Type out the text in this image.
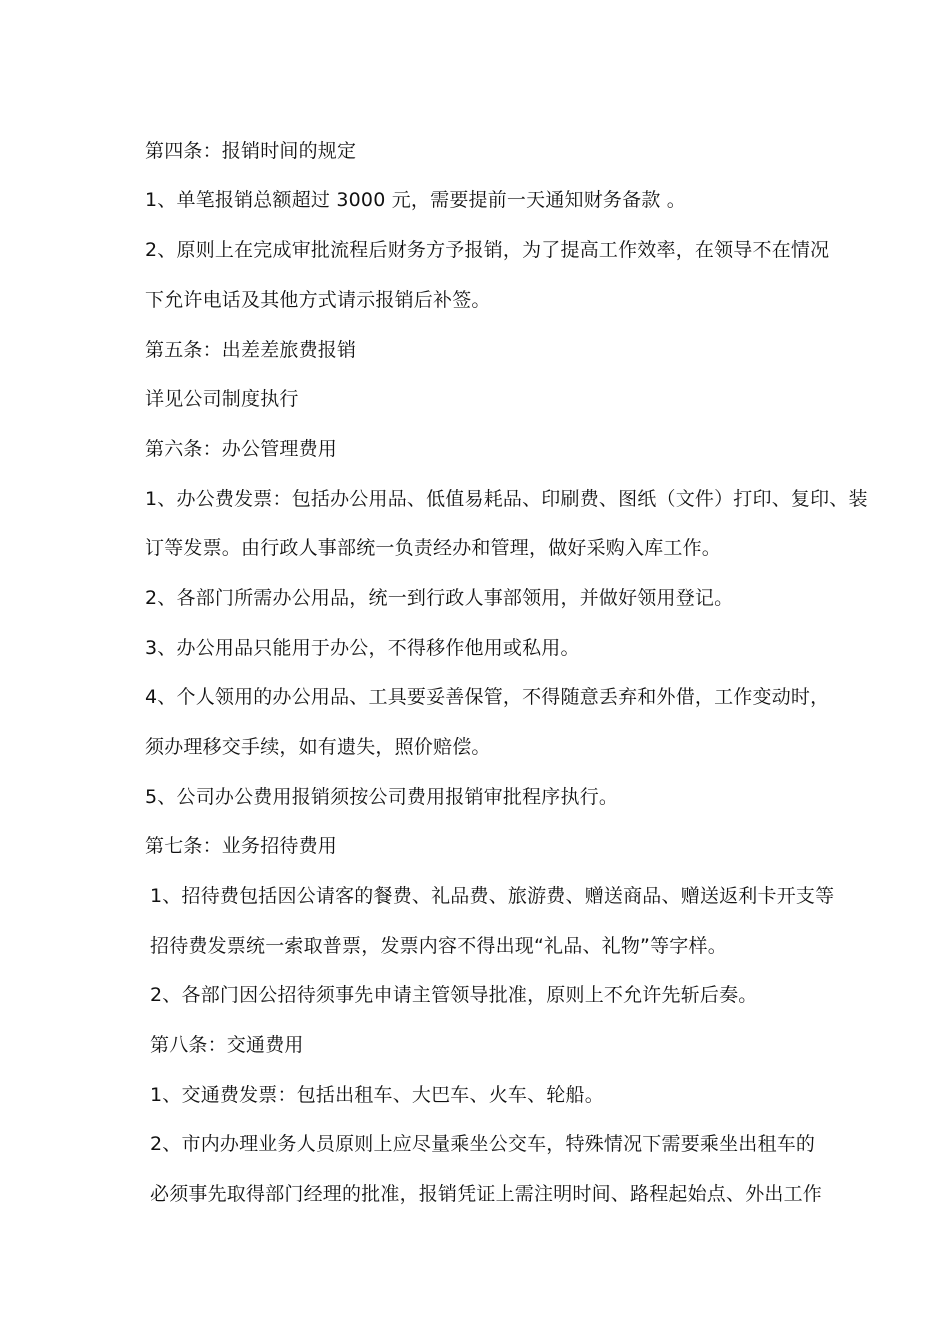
第四条：报销时间的规定
1、单笔报销总额超过 3000 元，需要提前一天通知财务备款 。
2、原则上在完成审批流程后财务方予报销，为了提高工作效率，在领导不在情况
下允许电话及其他方式请示报销后补签。
第五条：出差差旅费报销
详见公司制度执行
第六条：办公管理费用
1、办公费发票：包括办公用品、低值易耗品、印刷费、图纸（文件）打印、复印、装
订等发票。由行政人事部统一负责经办和管理，做好采购入库工作。
2、各部门所需办公用品，统一到行政人事部领用，并做好领用登记。
3、办公用品只能用于办公，不得移作他用或私用。
4、个人领用的办公用品、工具要妥善保管，不得随意丢弃和外借，工作变动时，
须办理移交手续，如有遗失，照价赔偿。
5、公司办公费用报销须按公司费用报销审批程序执行。
第七条：业务招待费用
1、招待费包括因公请客的餐费、礼品费、旅游费、赠送商品、赠送返利卡开支等
招待费发票统一索取普票，发票内容不得出现“礼品、礼物”等字样。
2、各部门因公招待须事先申请主管领导批准，原则上不允许先斩后奏。
第八条：交通费用
1、交通费发票：包括出租车、大巴车、火车、轮船。
2、市内办理业务人员原则上应尽量乘坐公交车，特殊情况下需要乘坐出租车的
必须事先取得部门经理的批准，报销凭证上需注明时间、路程起始点、外出工作
